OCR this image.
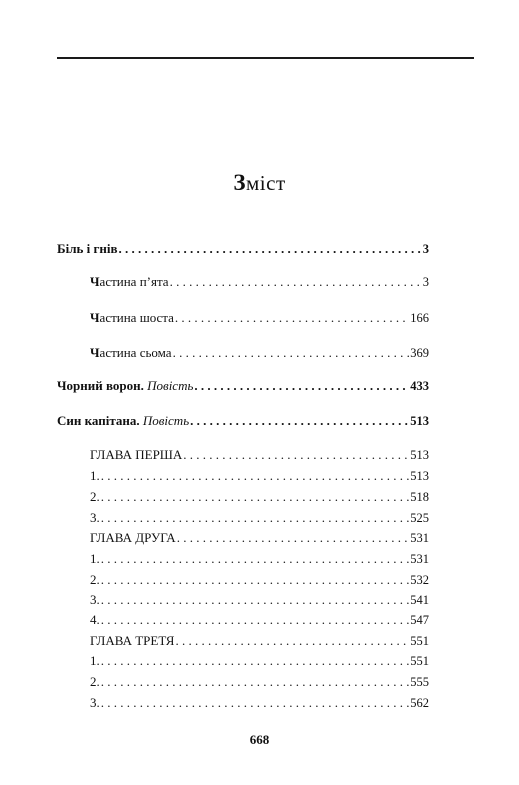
Зміст
Біль і гнів . . .	3
Частина п’ята . . .	3
Частина шоста . . .	166
Частина сьома . . .	369
Чорний ворон. Повість . . .	433
Син капітана. Повість . . .	513
ГЛАВА ПЕРША . . .	513
1. . . .	513
2. . . .	518
3. . . .	525
ГЛАВА ДРУГА . . .	531
1. . . .	531
2. . . .	532
3. . . .	541
4. . . .	547
ГЛАВА ТРЕТЯ . . .	551
1. . . .	551
2. . . .	555
3. . . .	562
668
